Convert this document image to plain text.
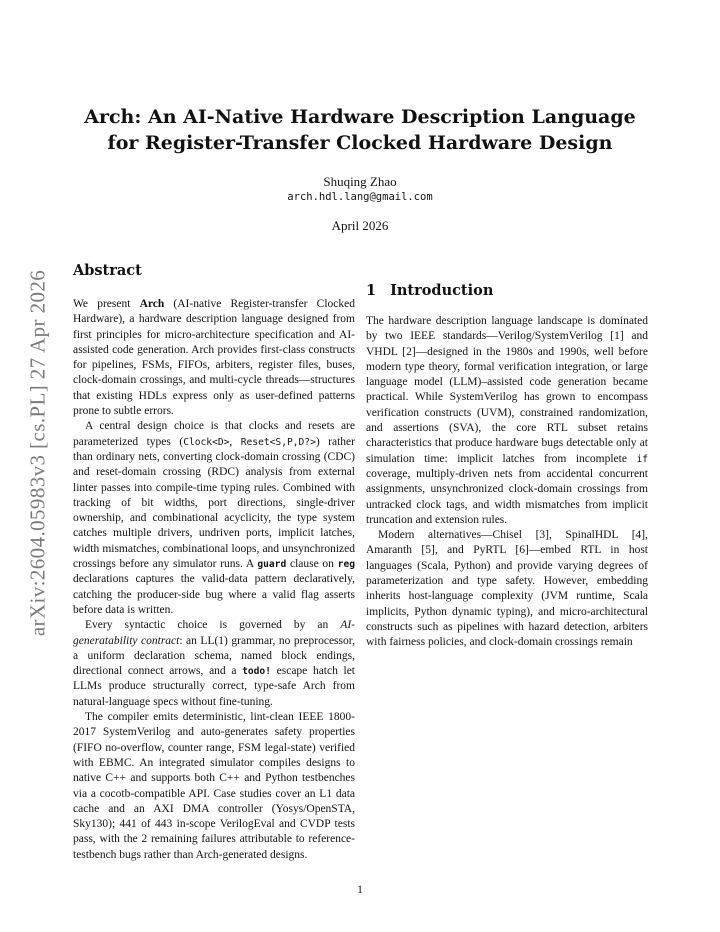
arXiv:2604.05983v3 [cs.PL] 27 Apr 2026
Arch: An AI-Native Hardware Description Language
for Register-Transfer Clocked Hardware Design
Shuqing Zhao
arch.hdl.lang@gmail.com
April 2026
Abstract

We present Arch (AI-native Register-transfer Clocked Hardware), a hardware description language designed from first principles for micro-architecture specification and AI-assisted code generation. Arch provides first-class constructs for pipelines, FSMs, FIFOs, arbiters, register files, buses, clock-domain crossings, and multi-cycle threads—structures that existing HDLs express only as user-defined patterns prone to subtle errors.

A central design choice is that clocks and resets are parameterized types (Clock<D>, Reset<S,P,D?>) rather than ordinary nets, converting clock-domain crossing (CDC) and reset-domain crossing (RDC) analysis from external linter passes into compile-time typing rules. Combined with tracking of bit widths, port directions, single-driver ownership, and combinational acyclicity, the type system catches multiple drivers, undriven ports, implicit latches, width mismatches, combinational loops, and unsynchronized crossings before any simulator runs. A guard clause on reg declarations captures the valid-data pattern declaratively, catching the producer-side bug where a valid flag asserts before data is written.

Every syntactic choice is governed by an AI-generatability contract: an LL(1) grammar, no preprocessor, a uniform declaration schema, named block endings, directional connect arrows, and a todo! escape hatch let LLMs produce structurally correct, type-safe Arch from natural-language specs without fine-tuning.

The compiler emits deterministic, lint-clean IEEE 1800-2017 SystemVerilog and auto-generates safety properties (FIFO no-overflow, counter range, FSM legal-state) verified with EBMC. An integrated simulator compiles designs to native C++ and supports both C++ and Python testbenches via a cocotb-compatible API. Case studies cover an L1 data cache and an AXI DMA controller (Yosys/OpenSTA, Sky130); 441 of 443 in-scope VerilogEval and CVDP tests pass, with the 2 remaining failures attributable to reference-testbench bugs rather than Arch-generated designs.

1 Introduction

The hardware description language landscape is dominated by two IEEE standards—Verilog/SystemVerilog [1] and VHDL [2]—designed in the 1980s and 1990s, well before modern type theory, formal verification integration, or large language model (LLM)–assisted code generation became practical. While SystemVerilog has grown to encompass verification constructs (UVM), constrained randomization, and assertions (SVA), the core RTL subset retains characteristics that produce hardware bugs detectable only at simulation time: implicit latches from incomplete if coverage, multiply-driven nets from accidental concurrent assignments, unsynchronized clock-domain crossings from untracked clock tags, and width mismatches from implicit truncation and extension rules.

Modern alternatives—Chisel [3], SpinalHDL [4], Amaranth [5], and PyRTL [6]—embed RTL in host languages (Scala, Python) and provide varying degrees of parameterization and type safety. However, embedding inherits host-language complexity (JVM runtime, Scala implicits, Python dynamic typing), and micro-architectural constructs such as pipelines with hazard detection, arbiters with fairness policies, and clock-domain crossings remain

1
